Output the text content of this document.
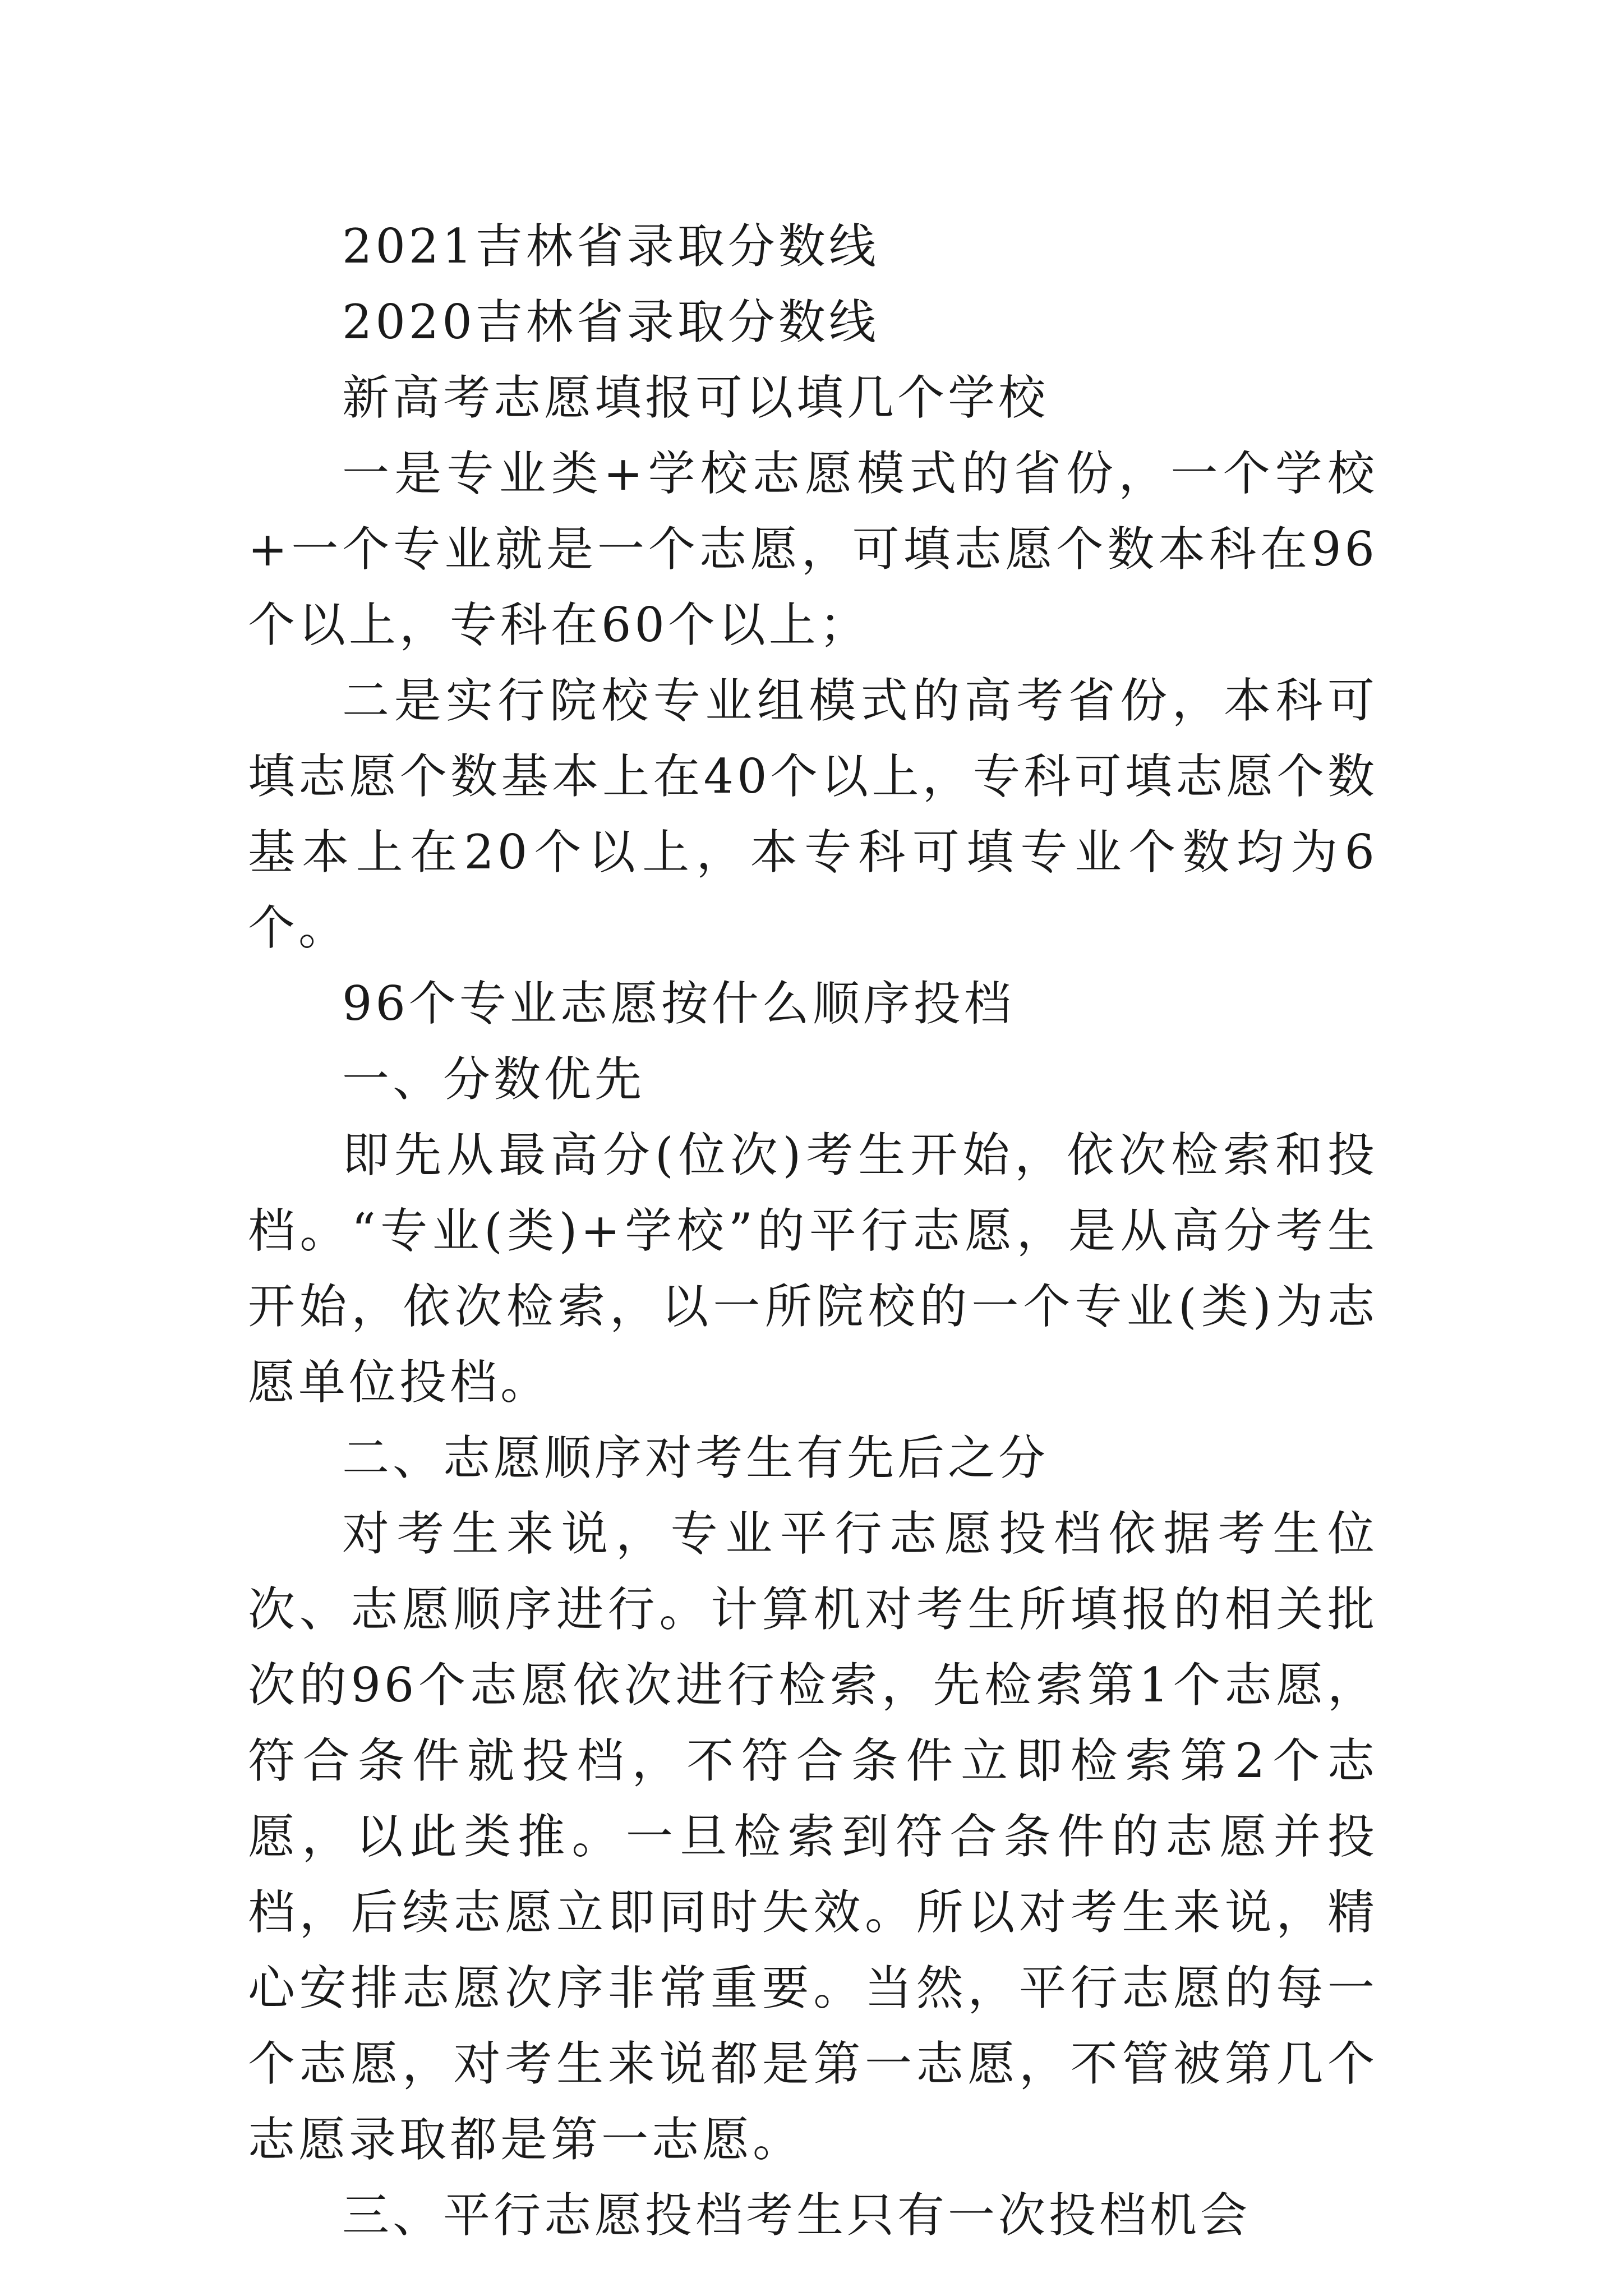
2021吉林省录取分数线

2020吉林省录取分数线

新高考志愿填报可以填几个学校

一是专业类+学校志愿模式的省份，一个学校+一个专业就是一个志愿，可填志愿个数本科在96个以上，专科在60个以上；

二是实行院校专业组模式的高考省份，本科可填志愿个数基本上在40个以上，专科可填志愿个数基本上在20个以上，本专科可填专业个数均为6个。

96个专业志愿按什么顺序投档

一、分数优先

即先从最高分(位次)考生开始，依次检索和投档。“专业(类)+学校”的平行志愿，是从高分考生开始，依次检索，以一所院校的一个专业(类)为志愿单位投档。

二、志愿顺序对考生有先后之分

对考生来说，专业平行志愿投档依据考生位次、志愿顺序进行。计算机对考生所填报的相关批次的96个志愿依次进行检索，先检索第1个志愿，符合条件就投档，不符合条件立即检索第2个志愿，以此类推。一旦检索到符合条件的志愿并投档，后续志愿立即同时失效。所以对考生来说，精心安排志愿次序非常重要。当然，平行志愿的每一个志愿，对考生来说都是第一志愿，不管被第几个志愿录取都是第一志愿。

三、平行志愿投档考生只有一次投档机会
